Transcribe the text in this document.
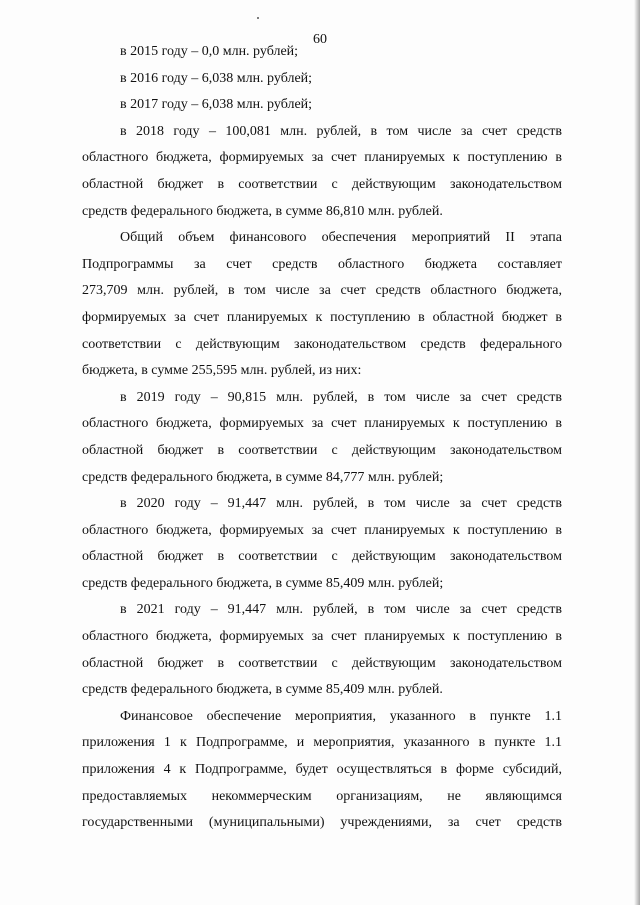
60

в 2015 году – 0,0 млн. рублей;

в 2016 году – 6,038 млн. рублей;

в 2017 году – 6,038 млн. рублей;

в 2018 году – 100,081 млн. рублей, в том числе за счет средств
областного бюджета, формируемых за счет планируемых к поступлению в
областной бюджет в соответствии с действующим законодательством
средств федерального бюджета, в сумме 86,810 млн. рублей.

Общий объем финансового обеспечения мероприятий II этапа
Подпрограммы за счет средств областного бюджета составляет
273,709 млн. рублей, в том числе за счет средств областного бюджета,
формируемых за счет планируемых к поступлению в областной бюджет в
соответствии с действующим законодательством средств федерального
бюджета, в сумме 255,595 млн. рублей, из них:

в 2019 году – 90,815 млн. рублей, в том числе за счет средств
областного бюджета, формируемых за счет планируемых к поступлению в
областной бюджет в соответствии с действующим законодательством
средств федерального бюджета, в сумме 84,777 млн. рублей;

в 2020 году – 91,447 млн. рублей, в том числе за счет средств
областного бюджета, формируемых за счет планируемых к поступлению в
областной бюджет в соответствии с действующим законодательством
средств федерального бюджета, в сумме 85,409 млн. рублей;

в 2021 году – 91,447 млн. рублей, в том числе за счет средств
областного бюджета, формируемых за счет планируемых к поступлению в
областной бюджет в соответствии с действующим законодательством
средств федерального бюджета, в сумме 85,409 млн. рублей.

Финансовое обеспечение мероприятия, указанного в пункте 1.1
приложения 1 к Подпрограмме, и мероприятия, указанного в пункте 1.1
приложения 4 к Подпрограмме, будет осуществляться в форме субсидий,
предоставляемых некоммерческим организациям, не являющимся
государственными (муниципальными) учреждениями, за счет средств
